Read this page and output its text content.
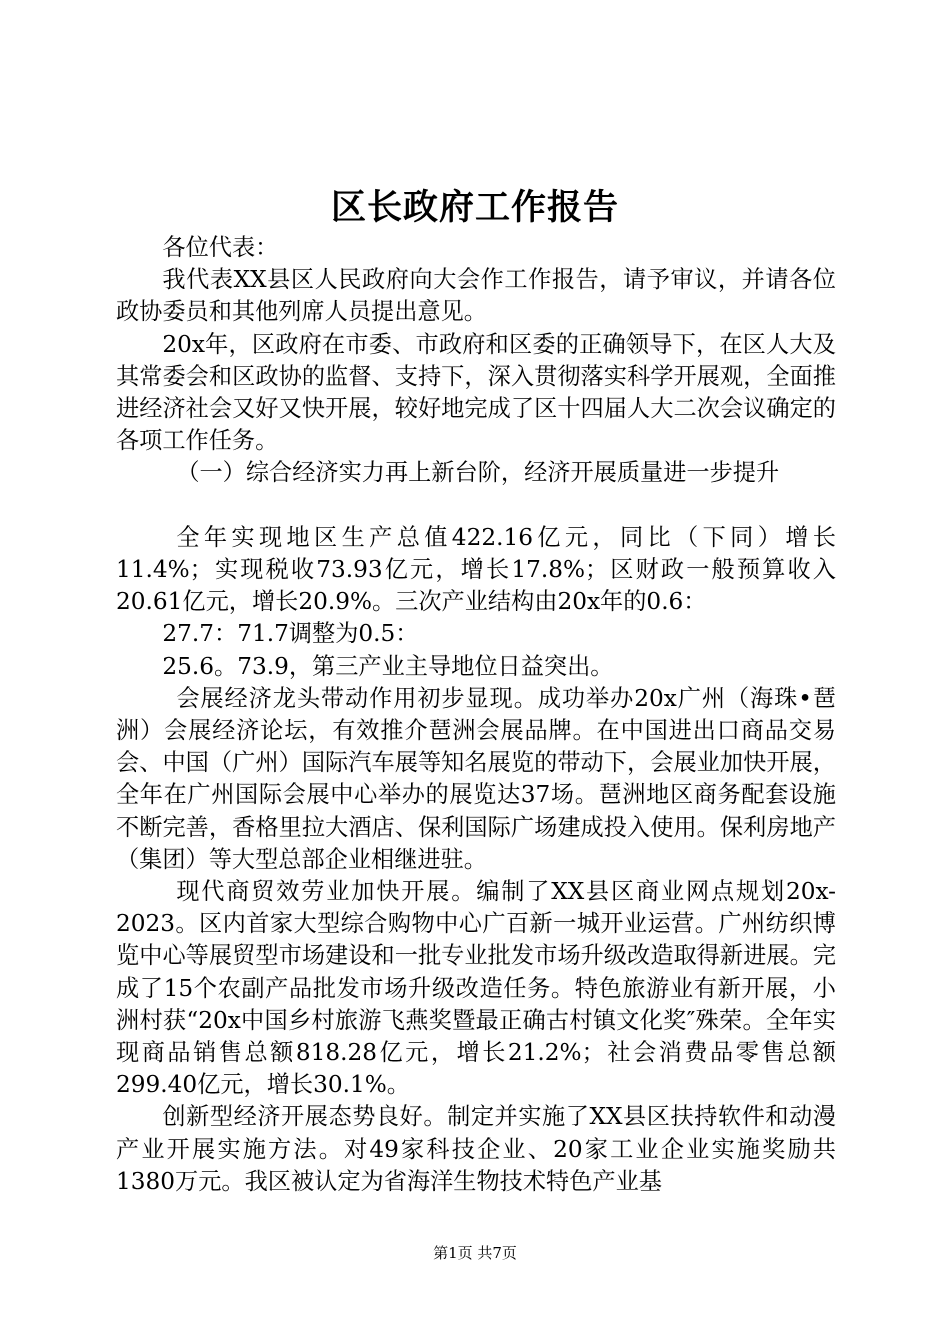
区长政府工作报告

各位代表：

我代表XX县区人民政府向大会作工作报告，请予审议，并请各位政协委员和其他列席人员提出意见。

20x年，区政府在市委、市政府和区委的正确领导下，在区人大及其常委会和区政协的监督、支持下，深入贯彻落实科学开展观，全面推进经济社会又好又快开展，较好地完成了区十四届人大二次会议确定的各项工作任务。

（一）综合经济实力再上新台阶，经济开展质量进一步提升

全年实现地区生产总值422.16亿元，同比（下同）增长11.4%；实现税收73.93亿元，增长17.8%；区财政一般预算收入20.61亿元，增长20.9%。三次产业结构由20x年的0.6：

27.7：71.7调整为0.5：

25.6。73.9，第三产业主导地位日益突出。

会展经济龙头带动作用初步显现。成功举办20x广州（海珠•琶洲）会展经济论坛，有效推介琶洲会展品牌。在中国进出口商品交易会、中国（广州）国际汽车展等知名展览的带动下，会展业加快开展，全年在广州国际会展中心举办的展览达37场。琶洲地区商务配套设施不断完善，香格里拉大酒店、保利国际广场建成投入使用。保利房地产（集团）等大型总部企业相继进驻。

现代商贸效劳业加快开展。编制了XX县区商业网点规划20x-2023。区内首家大型综合购物中心广百新一城开业运营。广州纺织博览中心等展贸型市场建设和一批专业批发市场升级改造取得新进展。完成了15个农副产品批发市场升级改造任务。特色旅游业有新开展，小洲村获“20x中国乡村旅游飞燕奖暨最正确古村镇文化奖″殊荣。全年实现商品销售总额818.28亿元，增长21.2%；社会消费品零售总额299.40亿元，增长30.1%。

创新型经济开展态势良好。制定并实施了XX县区扶持软件和动漫产业开展实施方法。对49家科技企业、20家工业企业实施奖励共1380万元。我区被认定为省海洋生物技术特色产业基

第1页 共7页
